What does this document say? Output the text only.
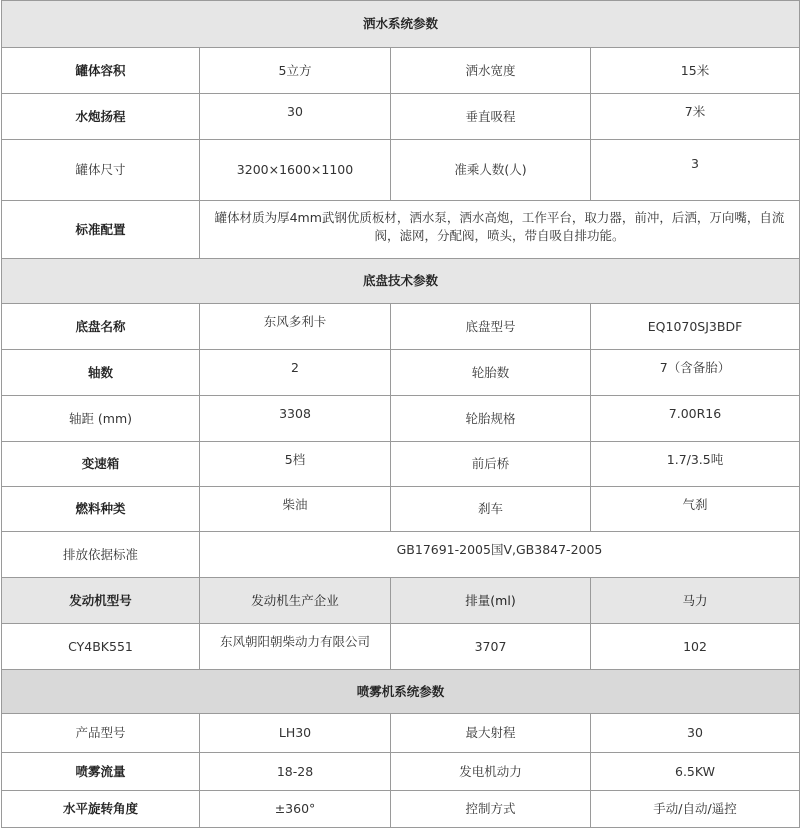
洒水系统参数			
罐体容积	5立方	洒水宽度	15米
水炮扬程	30	垂直吸程	7米
罐体尺寸	3200×1600×1100	准乘人数(人)	3
标准配置	罐体材质为厚4mm武钢优质板材，洒水泵，洒水高炮，工作平台，取力器，前冲，后洒，万向嘴，自流阀，滤网，分配阀，喷头，带自吸自排功能。		
底盘技术参数			
底盘名称	东风多利卡	底盘型号	EQ1070SJ3BDF
轴数	2	轮胎数	7（含备胎）
轴距 (mm)	3308	轮胎规格	7.00R16
变速箱	5档	前后桥	1.7/3.5吨
燃料种类	柴油	刹车	气刹
排放依据标准	GB17691-2005国Ⅴ,GB3847-2005		
发动机型号	发动机生产企业	排量(ml)	马力
CY4BK551	东风朝阳朝柴动力有限公司	3707	102
喷雾机系统参数			
产品型号	LH30	最大射程	30
喷雾流量	18-28	发电机动力	6.5KW
水平旋转角度	±360°	控制方式	手动/自动/遥控
